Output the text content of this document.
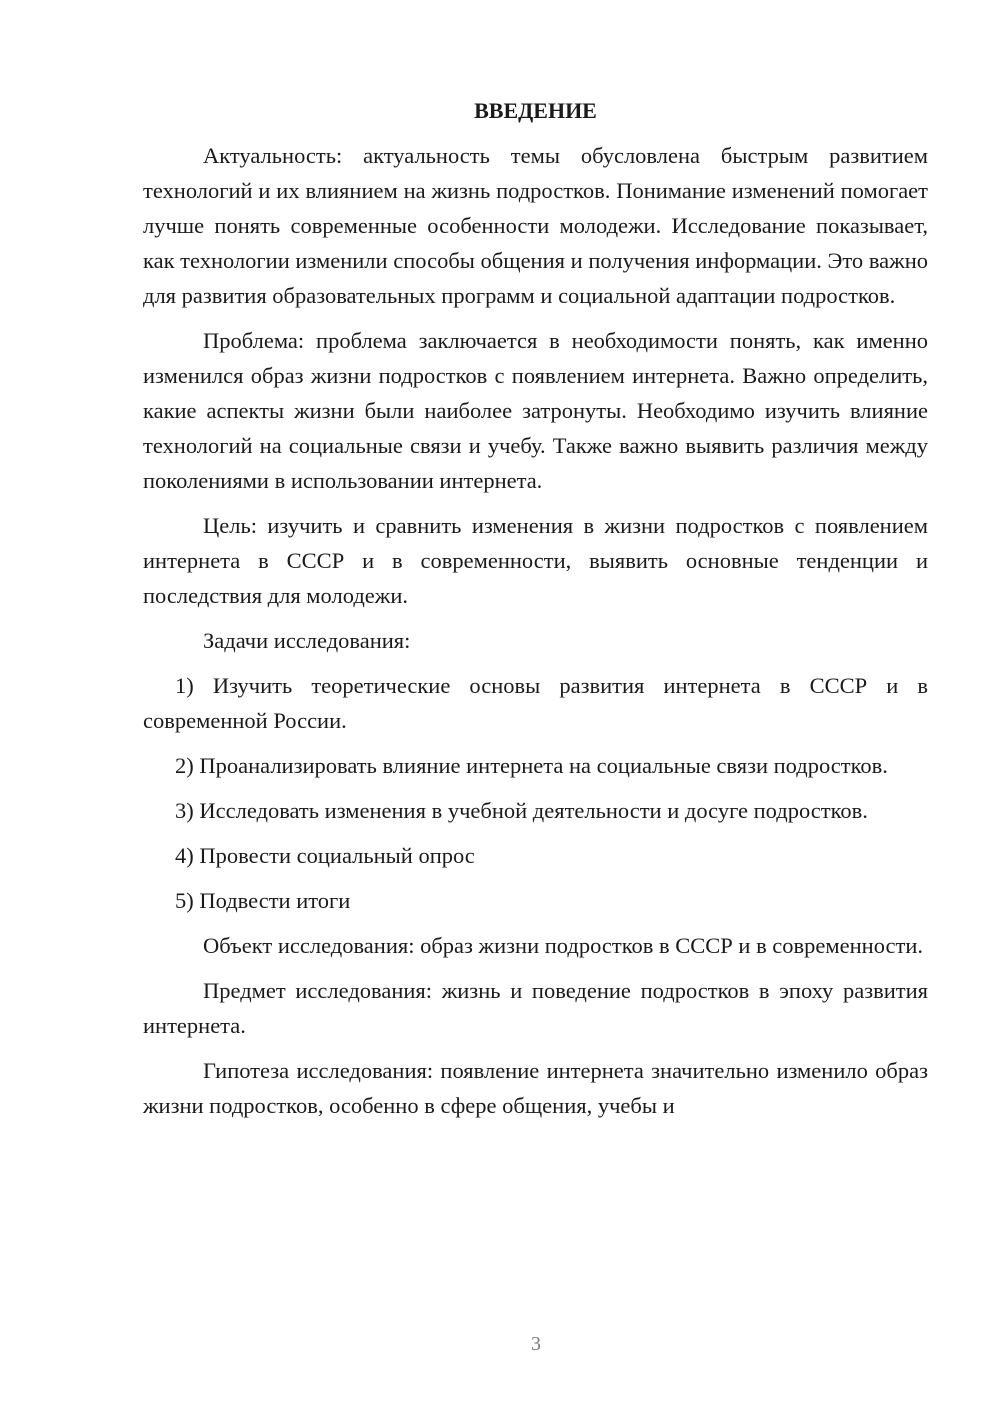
ВВЕДЕНИЕ

Актуальность: актуальность темы обусловлена быстрым развитием технологий и их влиянием на жизнь подростков. Понимание изменений помогает лучше понять современные особенности молодежи. Исследование показывает, как технологии изменили способы общения и получения информации. Это важно для развития образовательных программ и социальной адаптации подростков.

Проблема: проблема заключается в необходимости понять, как именно изменился образ жизни подростков с появлением интернета. Важно определить, какие аспекты жизни были наиболее затронуты. Необходимо изучить влияние технологий на социальные связи и учебу. Также важно выявить различия между поколениями в использовании интернета.

Цель: изучить и сравнить изменения в жизни подростков с появлением интернета в СССР и в современности, выявить основные тенденции и последствия для молодежи.

Задачи исследования:

1) Изучить теоретические основы развития интернета в СССР и в современной России.

2) Проанализировать влияние интернета на социальные связи подростков.

3) Исследовать изменения в учебной деятельности и досуге подростков.

4) Провести социальный опрос

5) Подвести итоги

Объект исследования: образ жизни подростков в СССР и в современности.

Предмет исследования: жизнь и поведение подростков в эпоху развития интернета.

Гипотеза исследования: появление интернета значительно изменило образ жизни подростков, особенно в сфере общения, учебы и

3
